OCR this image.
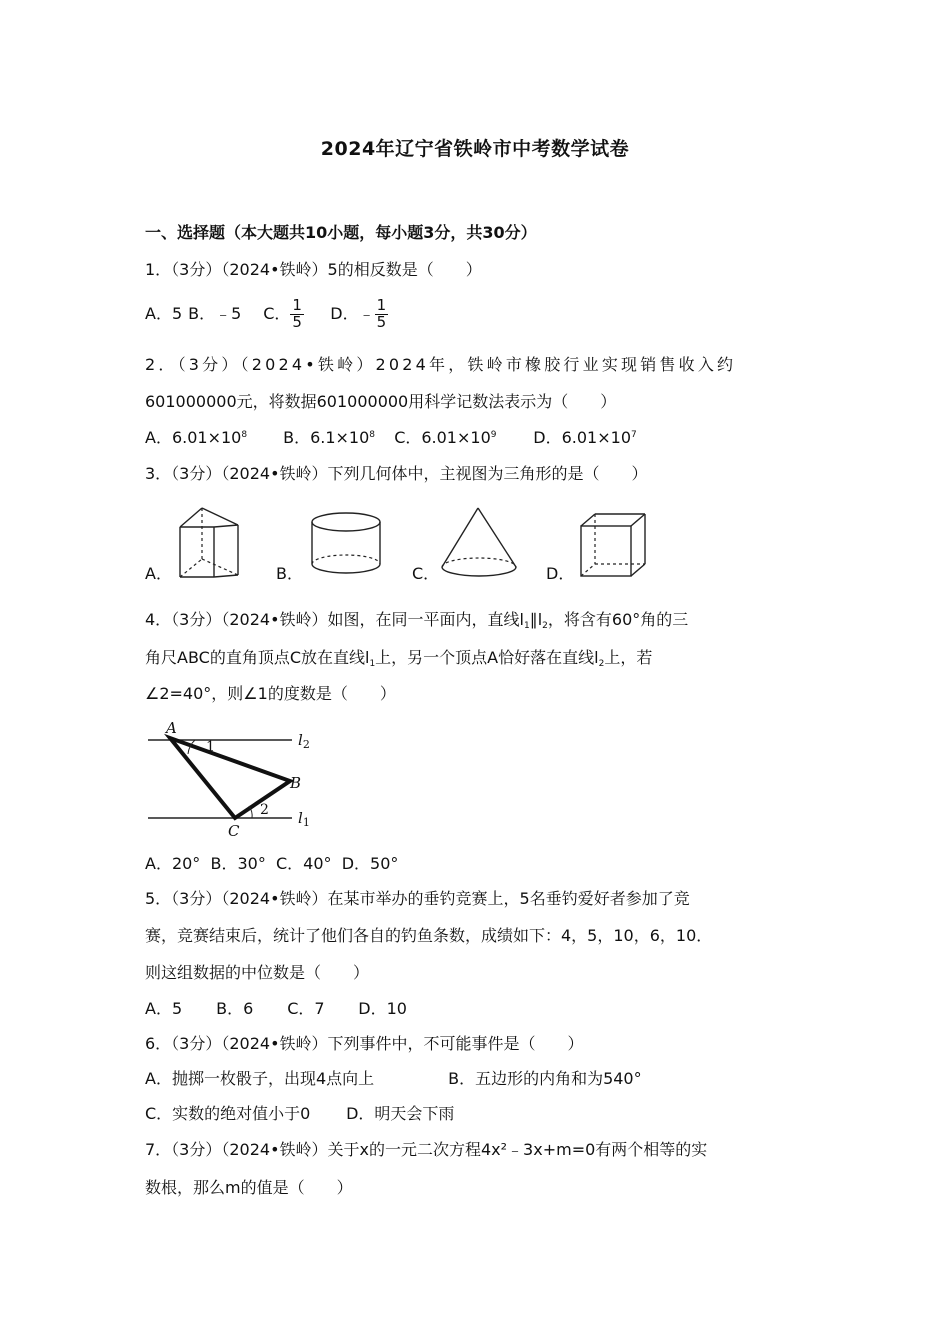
2024年辽宁省铁岭市中考数学试卷
一、选择题（本大题共10小题，每小题3分，共30分）
1．（3分）（2024•铁岭）5的相反数是（　　）
A．5 B．﹣5 C． $\frac{1}{5}$ D．﹣ $\frac{1}{5}$
2．（3分）（2024•铁岭）2024年，铁岭市橡胶行业实现销售收入约
601000000元，将数据601000000用科学记数法表示为（　　）
A．$6.01\times 10^8$ B．$6.1\times 10^8$ C．$6.01\times 10^9$ D．$6.01\times 10^7$
3．（3分）（2024•铁岭）下列几何体中，主视图为三角形的是（　　）
A．	B．	C．	D．
4．（3分）（2024•铁岭）如图，在同一平面内，直线$l_1\parallel l_2$，将含有60°角的三
角尺ABC的直角顶点C放在直线$l_1$上，另一个顶点A恰好落在直线$l_2$上，若
∠2=40°，则∠1的度数是（　　）
A
B
C
1
2
$l_2$
$l_1$
A．20°  B．30°  C．40°  D．50°
5．（3分）（2024•铁岭）在某市举办的垂钓竞赛上，5名垂钓爱好者参加了竞
赛，竞赛结束后，统计了他们各自的钓鱼条数，成绩如下：4，5，10，6，10．
则这组数据的中位数是（　　）
A．5 B．6 C．7 D．10
6．（3分）（2024•铁岭）下列事件中，不可能事件是（　　）
A．抛掷一枚骰子，出现4点向上	B．五边形的内角和为540°
C．实数的绝对值小于0 D．明天会下雨
7．（3分）（2024•铁岭）关于x的一元二次方程4x²﹣3x+m=0有两个相等的实
数根，那么m的值是（　　）
